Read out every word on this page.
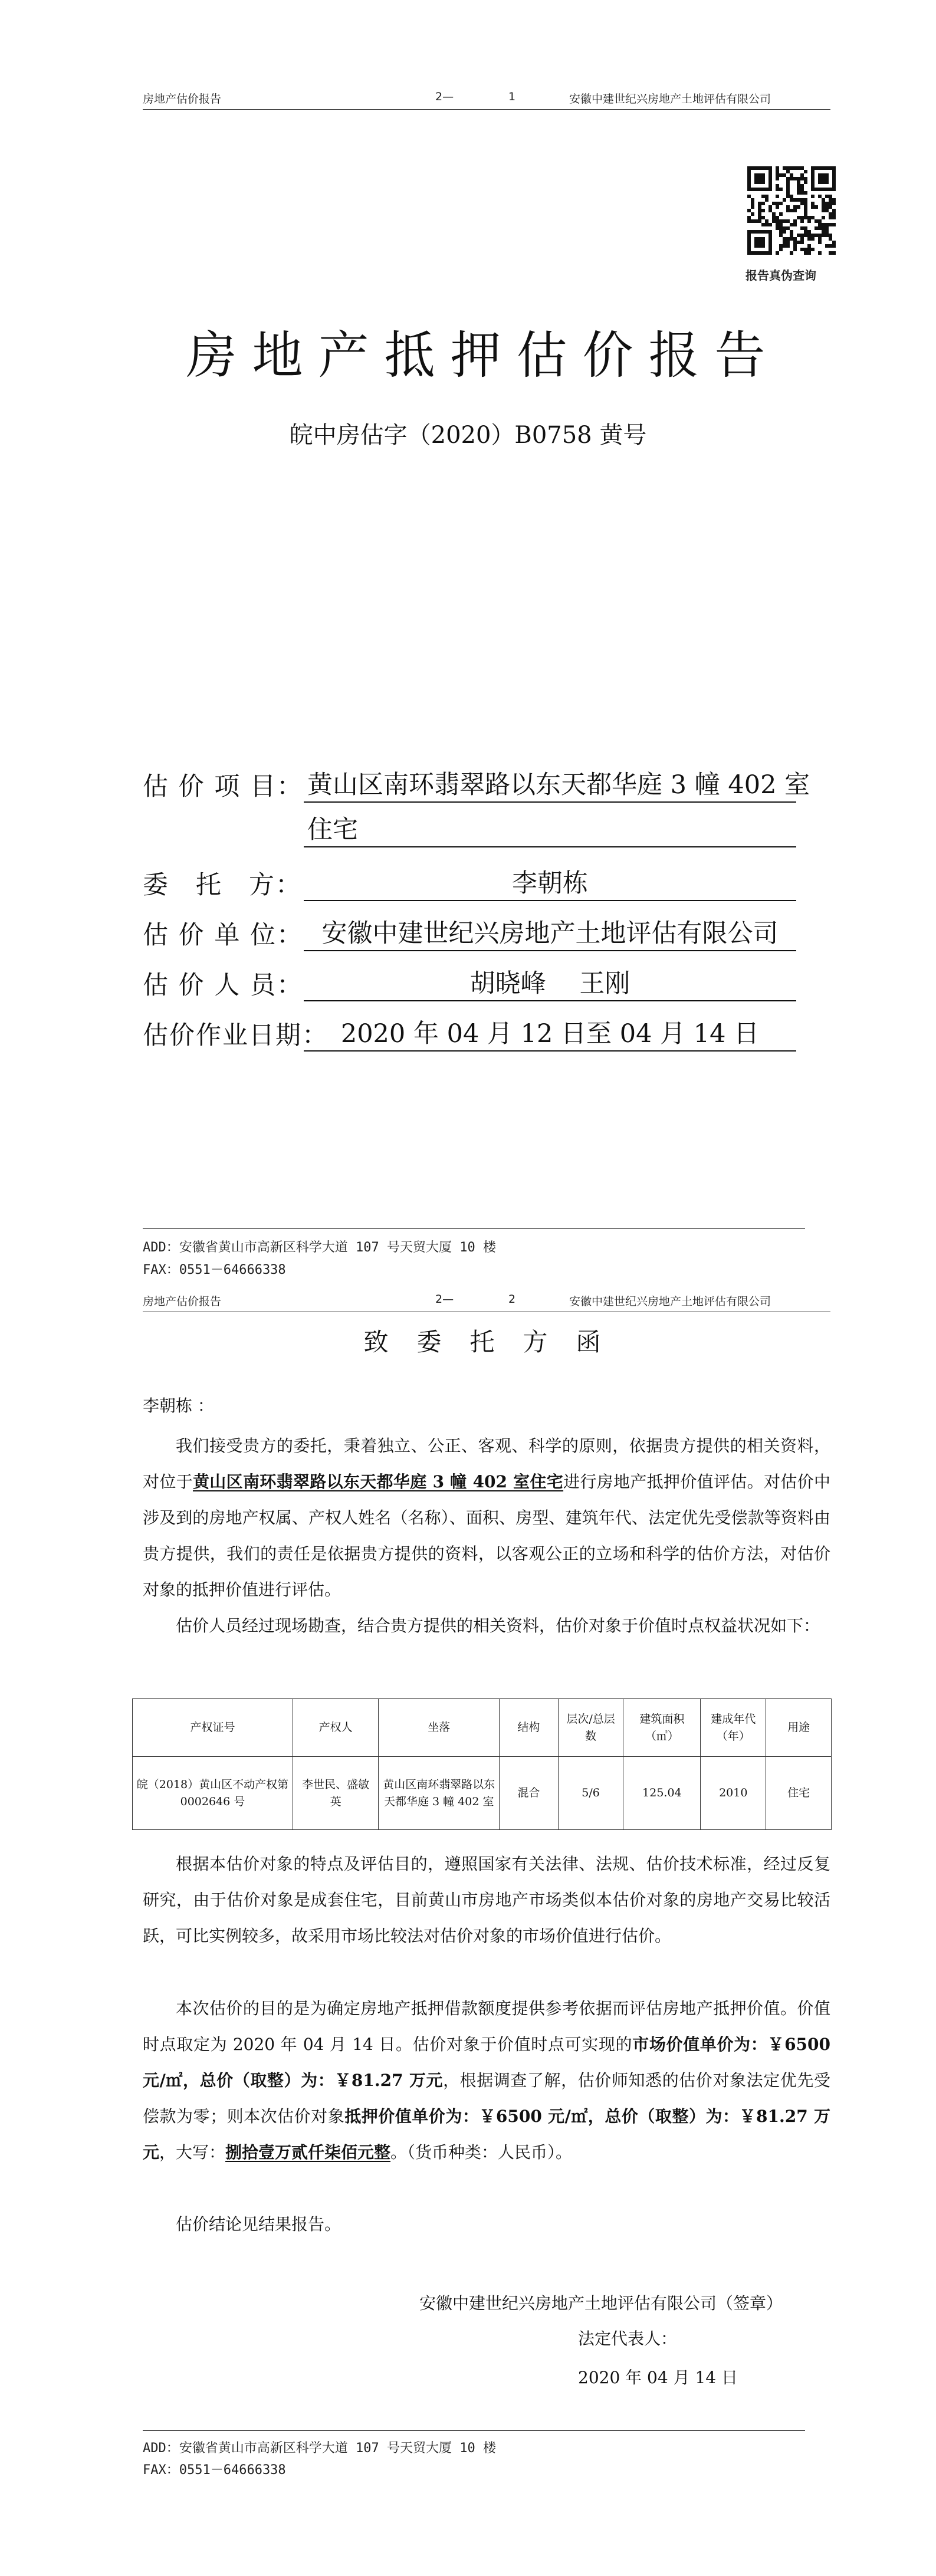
房地产估价报告	2—	1	安徽中建世纪兴房地产土地评估有限公司
报告真伪查询
房地产抵押估价报告
皖中房估字（2020）B0758 黄号
估 价 项 目： 黄山区南环翡翠路以东天都华庭 3 幢 402 室
住宅
委　托　方：	李朝栋
估 价 单 位： 安徽中建世纪兴房地产土地评估有限公司
估 价 人 员：	胡晓峰　 王刚
估价作业日期： 2020 年 04 月 12 日至 04 月 14 日
ADD：安徽省黄山市高新区科学大道 107 号天贸大厦 10 楼
FAX：0551－64666338
房地产估价报告	2—	2	安徽中建世纪兴房地产土地评估有限公司
致委托方函
李朝栋 ：
我们接受贵方的委托，秉着独立、公正、客观、科学的原则，依据贵方提供的相关资料，对位于黄山区南环翡翠路以东天都华庭 3 幢 402 室住宅进行房地产抵押价值评估。对估价中涉及到的房地产权属、产权人姓名（名称）、面积、房型、建筑年代、法定优先受偿款等资料由贵方提供，我们的责任是依据贵方提供的资料，以客观公正的立场和科学的估价方法，对估价对象的抵押价值进行评估。
估价人员经过现场勘查，结合贵方提供的相关资料，估价对象于价值时点权益状况如下：
产权证号	产权人	坐落	结构	层次/总层数	建筑面积（㎡）	建成年代（年）	用途
皖（2018）黄山区不动产权第 0002646 号	李世民、盛敏英	黄山区南环翡翠路以东天都华庭 3 幢 402 室	混合	5/6	125.04	2010	住宅
根据本估价对象的特点及评估目的，遵照国家有关法律、法规、估价技术标准，经过反复研究，由于估价对象是成套住宅，目前黄山市房地产市场类似本估价对象的房地产交易比较活跃，可比实例较多，故采用市场比较法对估价对象的市场价值进行估价。
本次估价的目的是为确定房地产抵押借款额度提供参考依据而评估房地产抵押价值。价值时点取定为 2020 年 04 月 14 日。估价对象于价值时点可实现的市场价值单价为：￥6500 元/㎡，总价（取整）为：￥81.27 万元，根据调查了解，估价师知悉的估价对象法定优先受偿款为零；则本次估价对象抵押价值单价为：￥6500 元/㎡，总价（取整）为：￥81.27 万元，大写：捌拾壹万贰仟柒佰元整。（货币种类：人民币）。
估价结论见结果报告。
安徽中建世纪兴房地产土地评估有限公司（签章）
法定代表人：
2020 年 04 月 14 日
ADD：安徽省黄山市高新区科学大道 107 号天贸大厦 10 楼
FAX：0551－64666338
